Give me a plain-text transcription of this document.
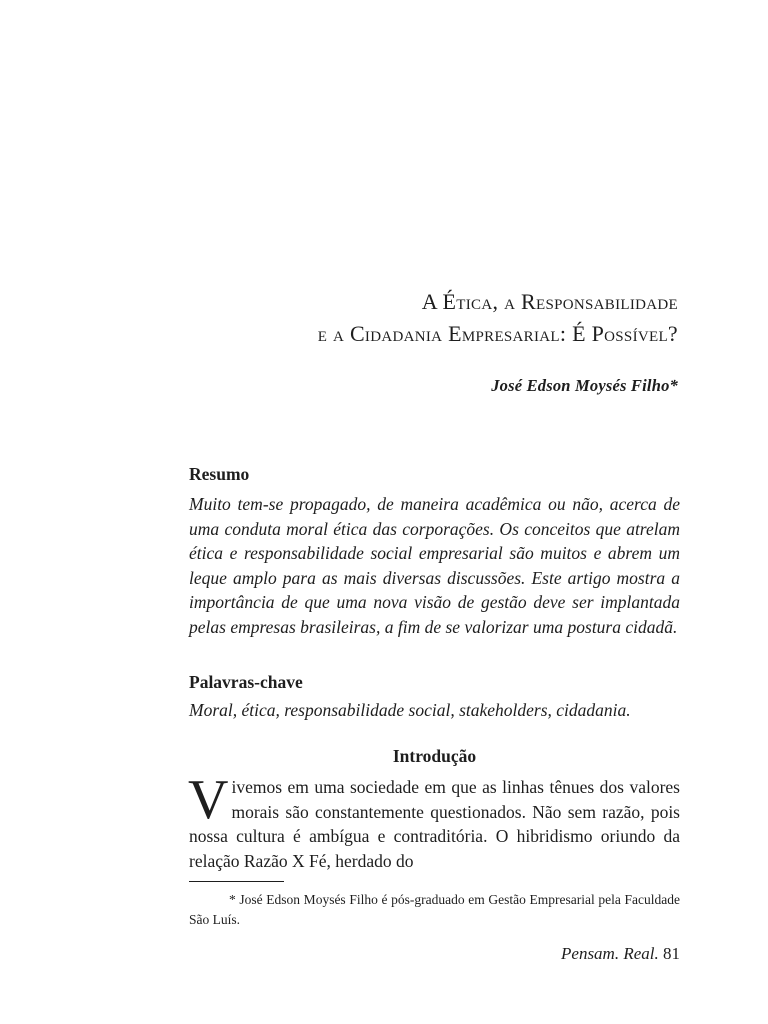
A Ética, a Responsabilidade
e a Cidadania Empresarial: É Possível?
José Edson Moysés Filho*
Resumo

Muito tem-se propagado, de maneira acadêmica ou não, acerca de uma conduta moral ética das corporações. Os conceitos que atrelam ética e responsabilidade social empresarial são muitos e abrem um leque amplo para as mais diversas discussões. Este artigo mostra a importância de que uma nova visão de gestão deve ser implantada pelas empresas brasileiras, a fim de se valorizar uma postura cidadã.

Palavras-chave

Moral, ética, responsabilidade social, stakeholders, cidadania.

Introdução

Vivemos em uma sociedade em que as linhas tênues dos valores morais são constantemente questionados. Não sem razão, pois nossa cultura é ambígua e contraditória. O hibridismo oriundo da relação Razão X Fé, herdado do

* José Edson Moysés Filho é pós-graduado em Gestão Empresarial pela Faculdade São Luís.

Pensam. Real. 81
